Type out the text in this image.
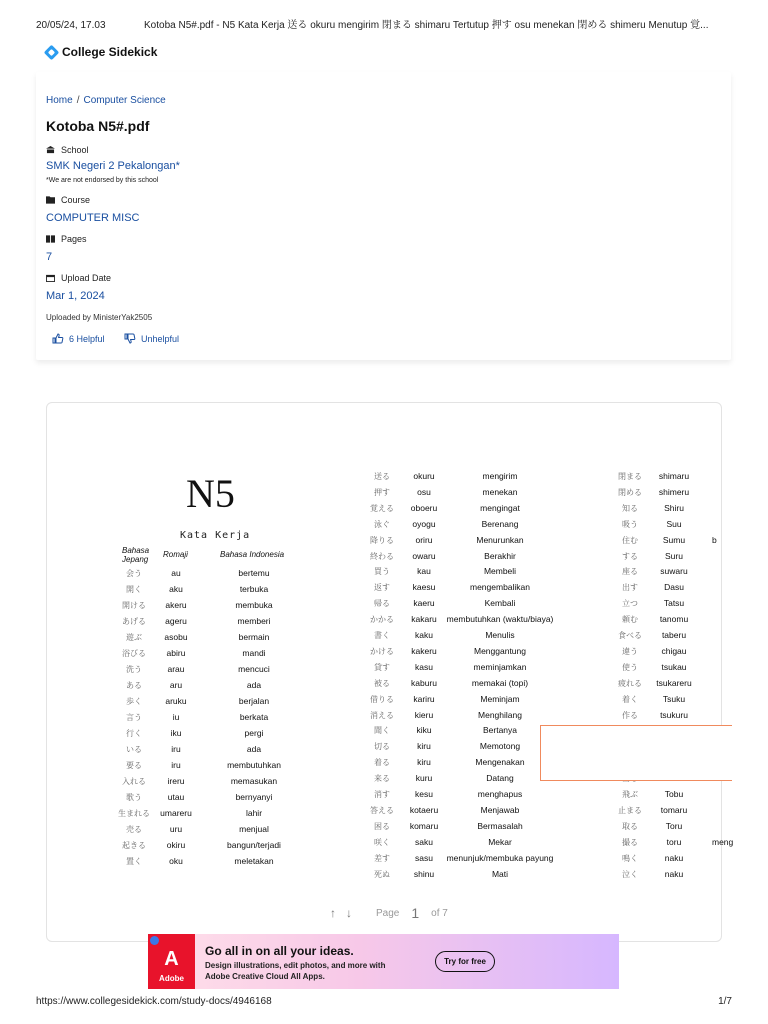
20/05/24, 17.03	Kotoba N5#.pdf - N5 Kata Kerja 送る okuru mengirim 閉まる shimaru Tertutup 押す osu menekan 閉める shimeru Menutup 覚...
College Sidekick
Home / Computer Science
Kotoba N5#.pdf
School
SMK Negeri 2 Pekalongan*
*We are not endorsed by this school
Course
COMPUTER MISC
Pages
7
Upload Date
Mar 1, 2024
Uploaded by MinisterYak2505
6 Helpful	Unhelpful
N5
Kata Kerja
Bahasa
Jepang
Romaji	Bahasa Indonesia
会う	au	bertemu
開く	aku	terbuka
開ける akeru	membuka
あげる ageru	memberi
遊ぶ	asobu	bermain
浴びる abiru	mandi
洗う	arau	mencuci
ある	aru	ada
歩く	aruku	berjalan
言う	iu	berkata
行く	iku	pergi
いる	iru	ada
要る	iru	membutuhkan
入れる	ireru	memasukan
歌う	utau	bernyanyi
生まれる umareru	lahir
売る	uru	menjual
起きる okiru	bangun/terjadi
置く	oku	meletakan
送る	okuru	mengirim
押す	osu	menekan
覚える oboeru	mengingat
泳ぐ	oyogu	Berenang
降りる	oriru	Menurunkan
終わる owaru	Berakhir
買う	kau	Membeli
返す	kaesu	mengembalikan
帰る	kaeru	Kembali
かかる kakaru membutuhkan (waktu/biaya)
書く	kaku	Menulis
かける kakeru	Menggantung
貸す	kasu	meminjamkan
被る kaburu	memakai (topi)
借りる kariru	Meminjam
消える kieru	Menghilang
聞く	kiku	Bertanya
切る	kiru	Memotong
着る	kiru	Mengenakan
来る	kuru	Datang
消す	kesu	menghapus
答える kotaeru	Menjawab
困る komaru	Bermasalah
咲く	saku	Mekar
差す	sasu menunjuk/membuka payung
死ぬ	shinu	Mati
閉まる shimaru
閉める shimeru
知る	Shiru
吸う	Suu
住む	Sumu	b
する	Suru
座る	suwaru
出す	Dasu
立つ	Tatsu
頼む	tanomu
食べる taberu
違う	chigau
使う	tsukau
疲れる tsukareru
着く	Tsuku
作る	tsukuru
飛ぶ	Tobu
止まる tomaru
取る	Toru
撮る	toru	meng
鳴く	naku
泣く	naku
↑ ↓ Page 1 of 7
A
Adobe
Go all in on all your ideas.
Design illustrations, edit photos, and more with Adobe Creative Cloud All Apps.
Try for free
https://www.collegesidekick.com/study-docs/4946168	1/7
